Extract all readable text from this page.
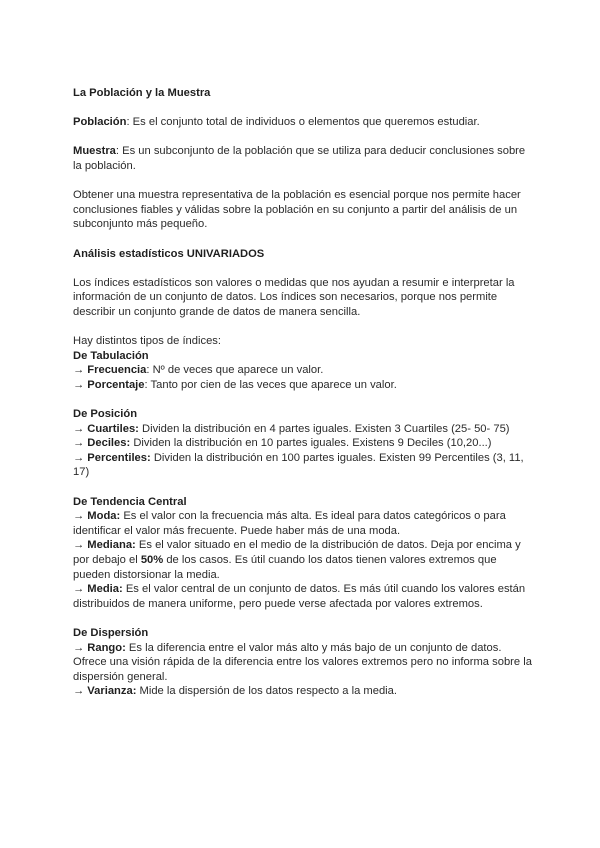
La Población y la Muestra

Población: Es el conjunto total de individuos o elementos que queremos estudiar.

Muestra: Es un subconjunto de la población que se utiliza para deducir conclusiones sobre la población.

Obtener una muestra representativa de la población es esencial porque nos permite hacer conclusiones fiables y válidas sobre la población en su conjunto a partir del análisis de un subconjunto más pequeño.

Análisis estadísticos UNIVARIADOS

Los índices estadísticos son valores o medidas que nos ayudan a resumir e interpretar la información de un conjunto de datos. Los índices son necesarios, porque nos permite describir un conjunto grande de datos de manera sencilla.

Hay distintos tipos de índices:

De Tabulación

→ Frecuencia: Nº de veces que aparece un valor.

→ Porcentaje: Tanto por cien de las veces que aparece un valor.

De Posición

→ Cuartiles: Dividen la distribución en 4 partes iguales. Existen 3 Cuartiles (25- 50- 75)

→ Deciles: Dividen la distribución en 10 partes iguales. Existens 9 Deciles (10,20...)

→ Percentiles: Dividen la distribución en 100 partes iguales. Existen 99 Percentiles (3, 11, 17)

De Tendencia Central

→ Moda: Es el valor con la frecuencia más alta. Es ideal para datos categóricos o para identificar el valor más frecuente. Puede haber más de una moda.

→ Mediana: Es el valor situado en el medio de la distribución de datos. Deja por encima y por debajo el 50% de los casos. Es útil cuando los datos tienen valores extremos que pueden distorsionar la media.

→ Media: Es el valor central de un conjunto de datos. Es más útil cuando los valores están distribuidos de manera uniforme, pero puede verse afectada por valores extremos.

De Dispersión

→ Rango: Es la diferencia entre el valor más alto y más bajo de un conjunto de datos. Ofrece una visión rápida de la diferencia entre los valores extremos pero no informa sobre la dispersión general.

→ Varianza: Mide la dispersión de los datos respecto a la media.
